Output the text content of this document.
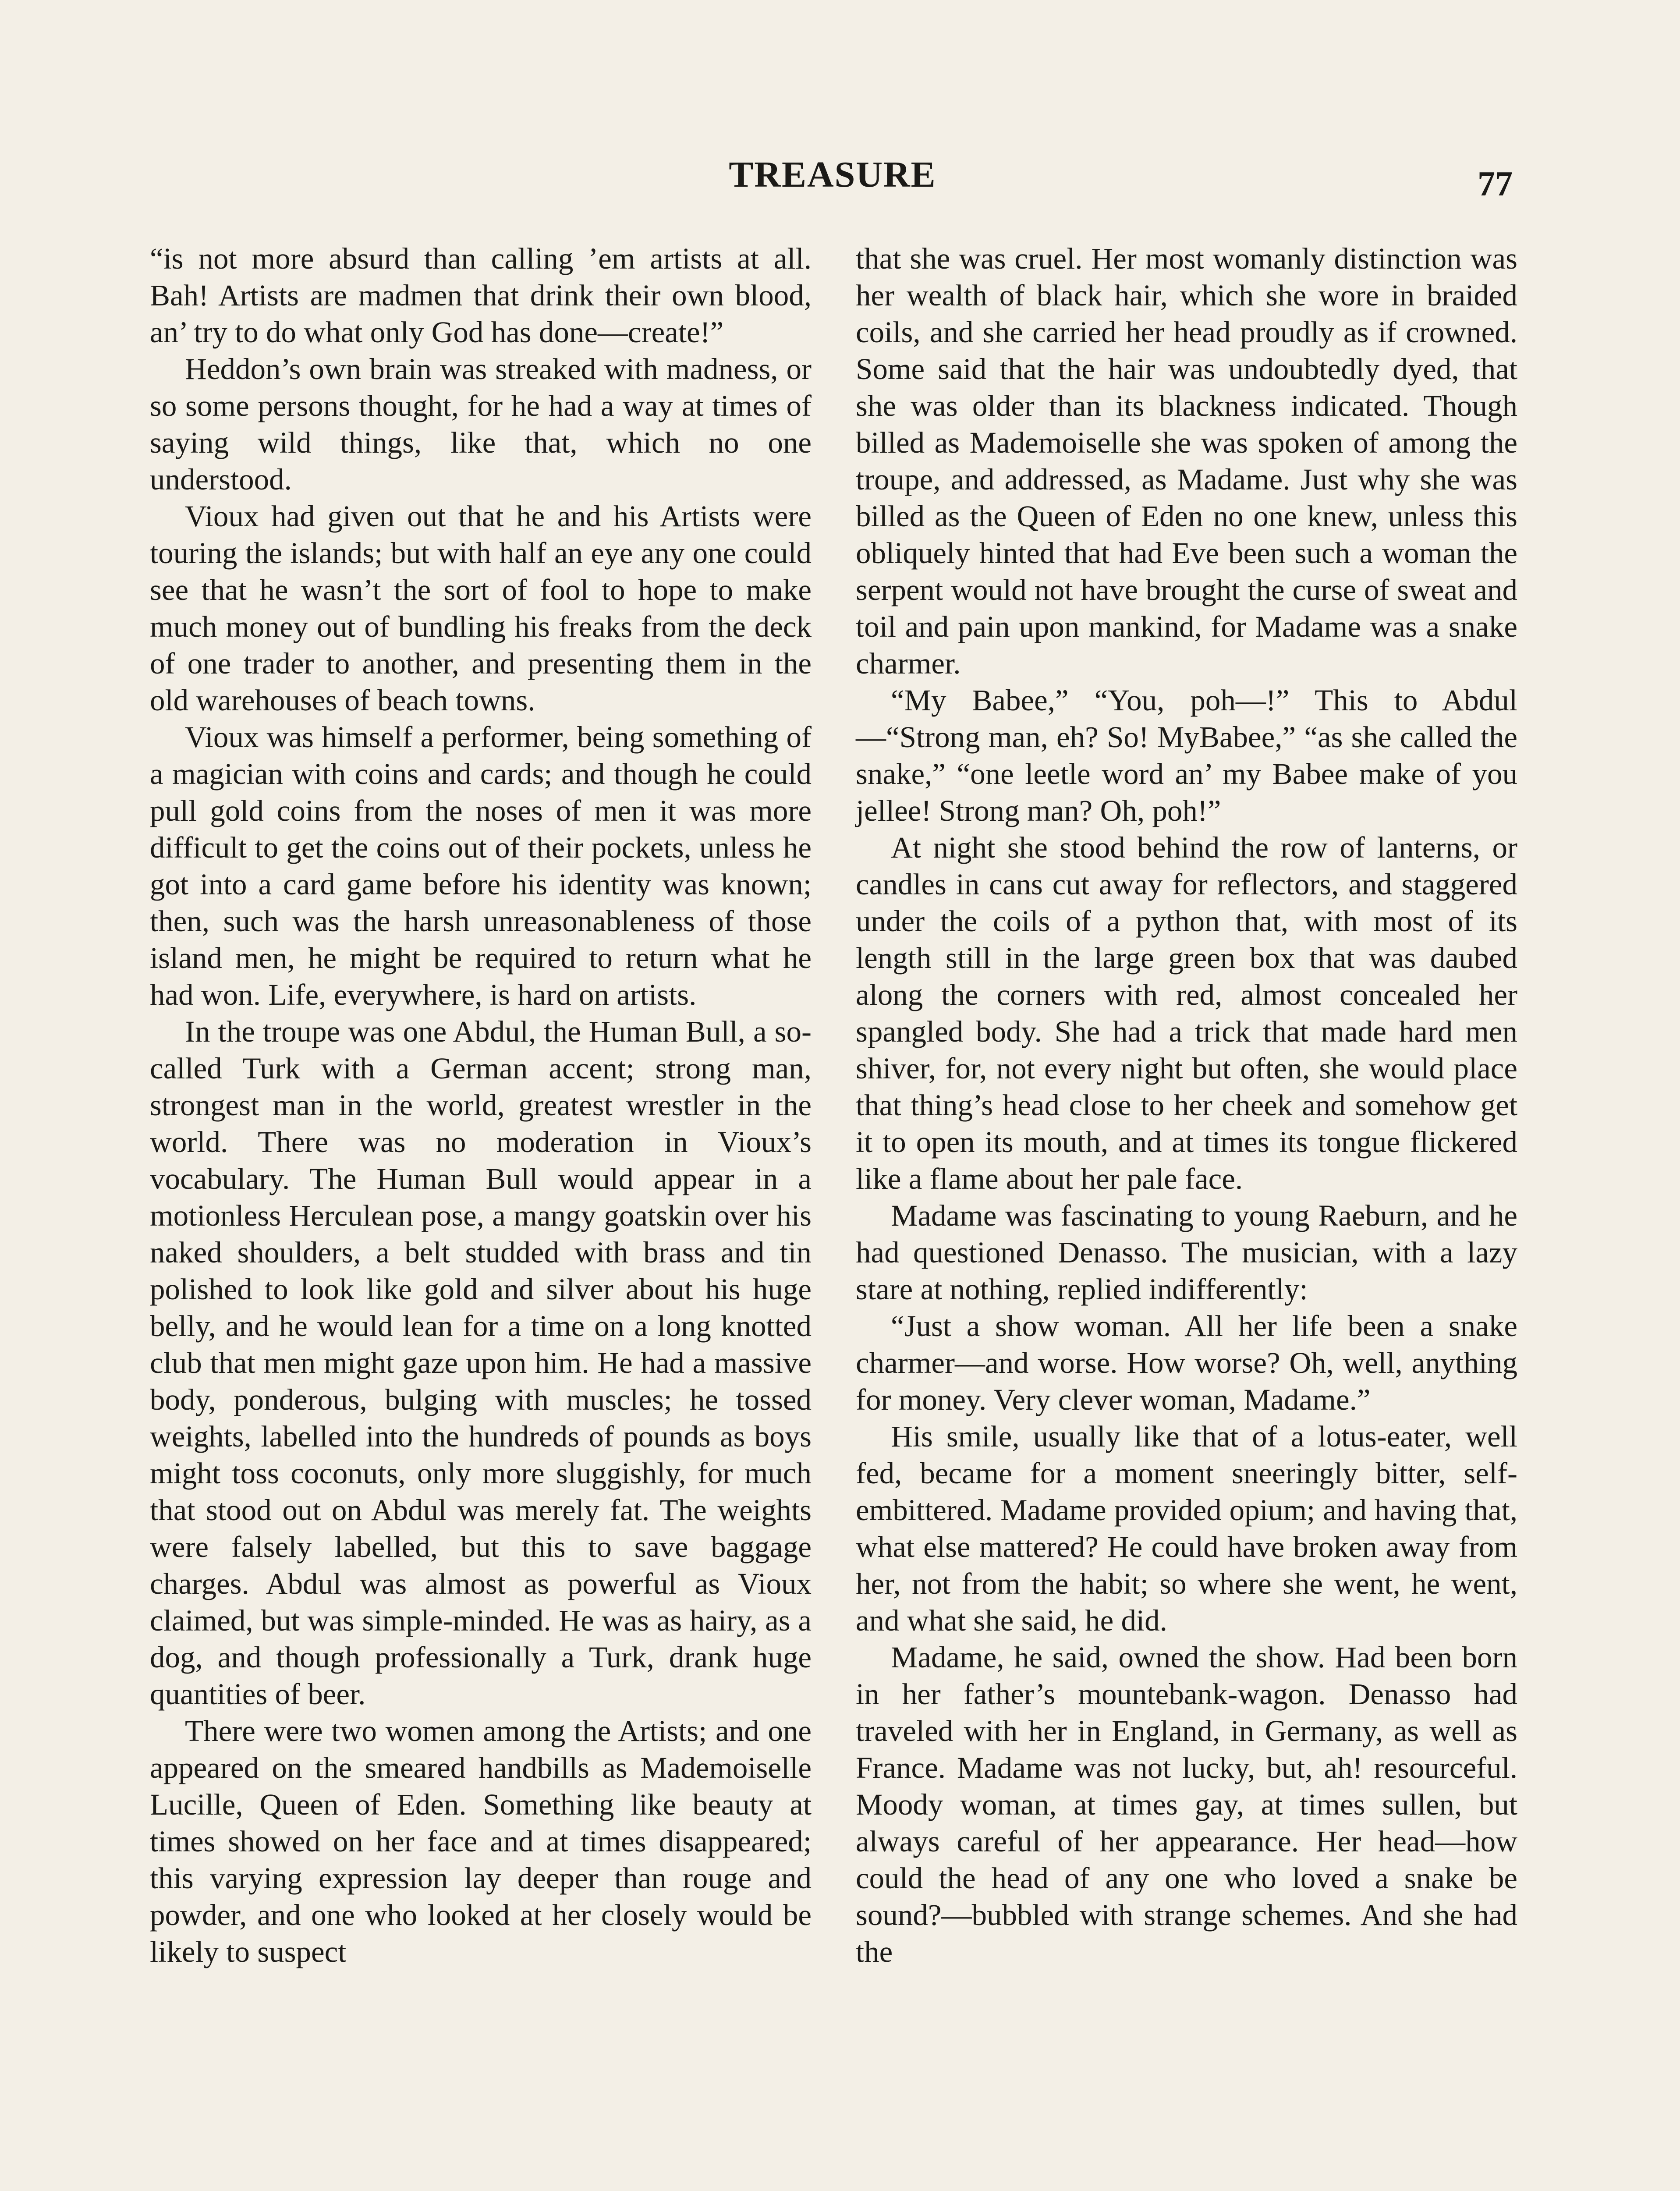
TREASURE	77

“is not more absurd than calling ’em artists at all. Bah! Artists are madmen that drink their own blood, an’ try to do what only God has done—create!”

Heddon’s own brain was streaked with madness, or so some persons thought, for he had a way at times of saying wild things, like that, which no one understood.

Vioux had given out that he and his Artists were touring the islands; but with half an eye any one could see that he wasn’t the sort of fool to hope to make much money out of bundling his freaks from the deck of one trader to another, and presenting them in the old warehouses of beach towns.

Vioux was himself a performer, being something of a magician with coins and cards; and though he could pull gold coins from the noses of men it was more difficult to get the coins out of their pockets, unless he got into a card game before his identity was known; then, such was the harsh unreasonableness of those island men, he might be required to return what he had won. Life, everywhere, is hard on artists.

In the troupe was one Abdul, the Human Bull, a so-called Turk with a German accent; strong man, strongest man in the world, greatest wrestler in the world. There was no moderation in Vioux’s vocabulary. The Human Bull would appear in a motionless Herculean pose, a mangy goatskin over his naked shoulders, a belt studded with brass and tin polished to look like gold and silver about his huge belly, and he would lean for a time on a long knotted club that men might gaze upon him. He had a massive body, ponderous, bulging with muscles; he tossed weights, labelled into the hundreds of pounds as boys might toss coconuts, only more sluggishly, for much that stood out on Abdul was merely fat. The weights were falsely labelled, but this to save baggage charges. Abdul was almost as powerful as Vioux claimed, but was simple-minded. He was as hairy, as a dog, and though professionally a Turk, drank huge quantities of beer.

There were two women among the Artists; and one appeared on the smeared handbills as Mademoiselle Lucille, Queen of Eden. Something like beauty at times showed on her face and at times disappeared; this varying expression lay deeper than rouge and powder, and one who looked at her closely would be likely to suspect

that she was cruel. Her most womanly distinction was her wealth of black hair, which she wore in braided coils, and she carried her head proudly as if crowned. Some said that the hair was undoubtedly dyed, that she was older than its blackness indicated. Though billed as Mademoiselle she was spoken of among the troupe, and addressed, as Madame. Just why she was billed as the Queen of Eden no one knew, unless this obliquely hinted that had Eve been such a woman the serpent would not have brought the curse of sweat and toil and pain upon mankind, for Madame was a snake charmer.

“My Babee,” “You, poh—!” This to Abdul—“Strong man, eh? So! MyBabee,” “as she called the snake,” “one leetle word an’ my Babee make of you jellee! Strong man? Oh, poh!”

At night she stood behind the row of lanterns, or candles in cans cut away for reflectors, and staggered under the coils of a python that, with most of its length still in the large green box that was daubed along the corners with red, almost concealed her spangled body. She had a trick that made hard men shiver, for, not every night but often, she would place that thing’s head close to her cheek and somehow get it to open its mouth, and at times its tongue flickered like a flame about her pale face.

Madame was fascinating to young Raeburn, and he had questioned Denasso. The musician, with a lazy stare at nothing, replied indifferently:

“Just a show woman. All her life been a snake charmer—and worse. How worse? Oh, well, anything for money. Very clever woman, Madame.”

His smile, usually like that of a lotus-eater, well fed, became for a moment sneeringly bitter, self-embittered. Madame provided opium; and having that, what else mattered? He could have broken away from her, not from the habit; so where she went, he went, and what she said, he did.

Madame, he said, owned the show. Had been born in her father’s mountebank-wagon. Denasso had traveled with her in England, in Germany, as well as France. Madame was not lucky, but, ah! resourceful. Moody woman, at times gay, at times sullen, but always careful of her appearance. Her head—how could the head of any one who loved a snake be sound?—bubbled with strange schemes. And she had the
